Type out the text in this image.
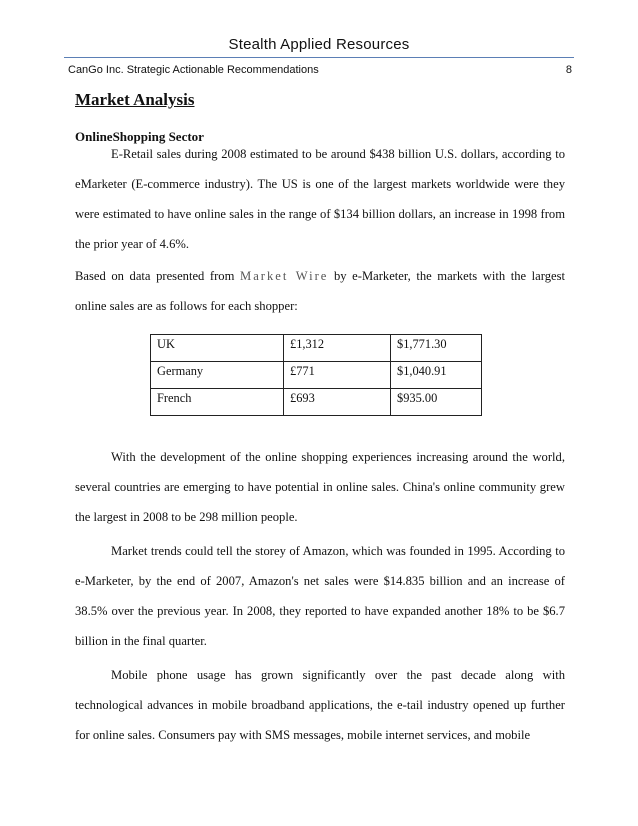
Stealth Applied Resources
CanGo Inc. Strategic Actionable Recommendations	8
Market Analysis
OnlineShopping Sector
E-Retail sales during 2008 estimated to be around $438 billion U.S. dollars, according to eMarketer (E-commerce industry). The US is one of the largest markets worldwide were they were estimated to have online sales in the range of $134 billion dollars, an increase in 1998 from the prior year of 4.6%.
Based on data presented from Market Wire by e-Marketer, the markets with the largest online sales are as follows for each shopper:
UK	£1,312	$1,771.30
Germany	£771	$1,040.91
French	£693	$935.00
With the development of the online shopping experiences increasing around the world, several countries are emerging to have potential in online sales. China's online community grew the largest in 2008 to be 298 million people.
Market trends could tell the storey of Amazon, which was founded in 1995. According to e-Marketer, by the end of 2007, Amazon's net sales were $14.835 billion and an increase of 38.5% over the previous year. In 2008, they reported to have expanded another 18% to be $6.7 billion in the final quarter.
Mobile phone usage has grown significantly over the past decade along with technological advances in mobile broadband applications, the e-tail industry opened up further for online sales. Consumers pay with SMS messages, mobile internet services, and mobile
